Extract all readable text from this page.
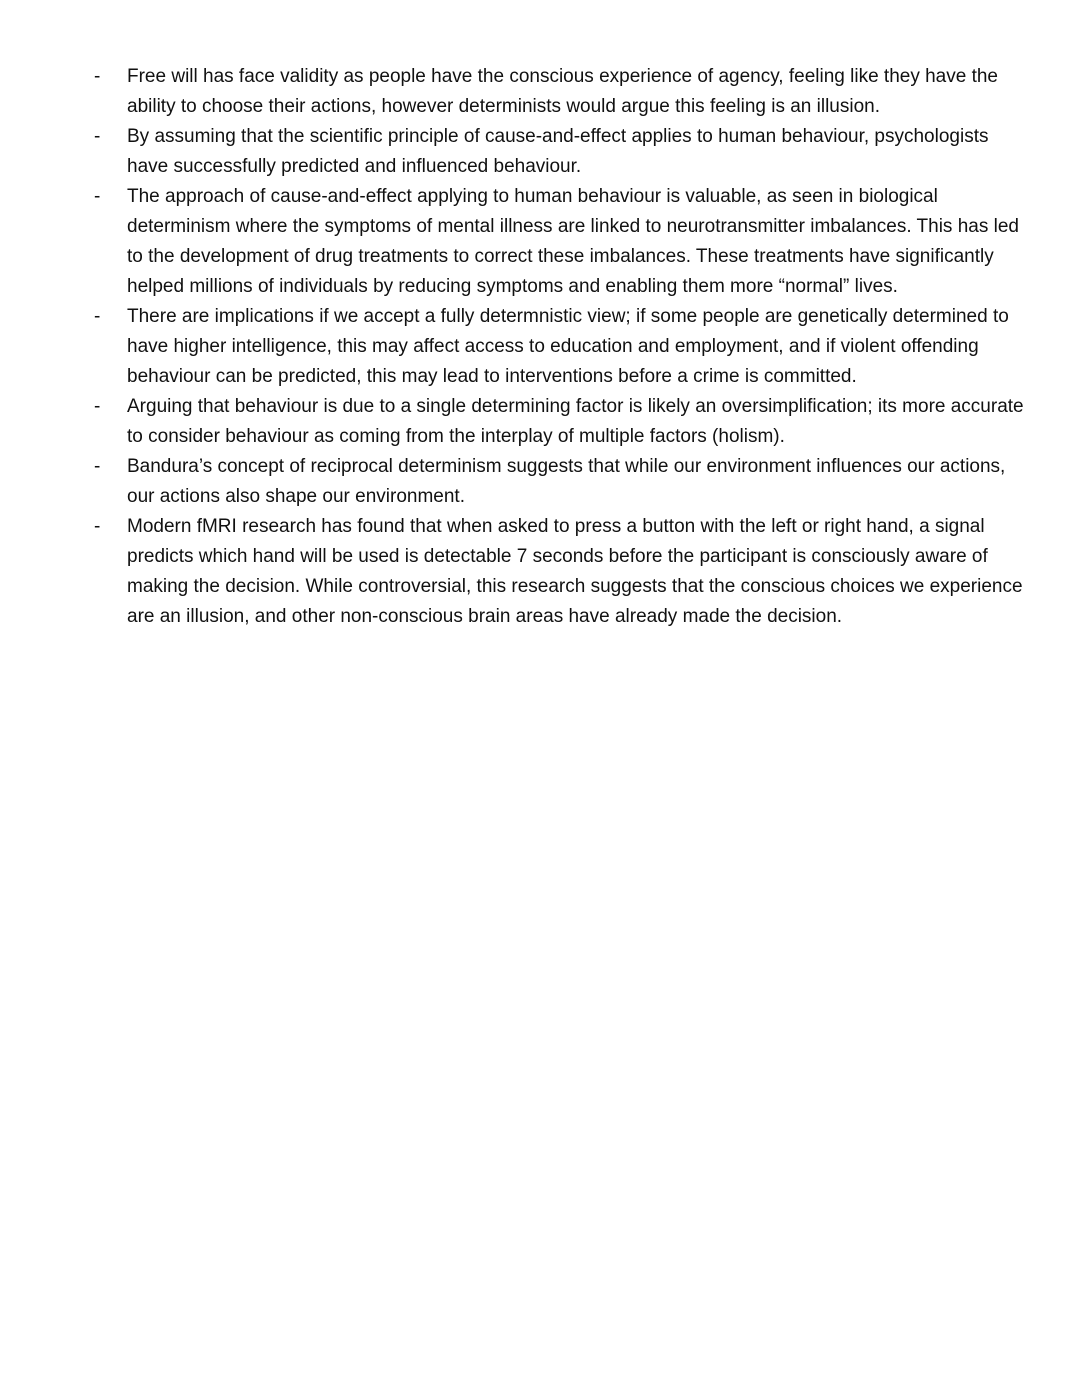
-	Free will has face validity as people have the conscious experience of agency, feeling like they have the ability to choose their actions, however determinists would argue this feeling is an illusion.
-	By assuming that the scientific principle of cause-and-effect applies to human behaviour, psychologists have successfully predicted and influenced behaviour.
-	The approach of cause-and-effect applying to human behaviour is valuable, as seen in biological determinism where the symptoms of mental illness are linked to neurotransmitter imbalances. This has led to the development of drug treatments to correct these imbalances. These treatments have significantly helped millions of individuals by reducing symptoms and enabling them more “normal” lives.
-	There are implications if we accept a fully determnistic view; if some people are genetically determined to have higher intelligence, this may affect access to education and employment, and if violent offending behaviour can be predicted, this may lead to interventions before a crime is committed.
-	Arguing that behaviour is due to a single determining factor is likely an oversimplification; its more accurate to consider behaviour as coming from the interplay of multiple factors (holism).
-	Bandura’s concept of reciprocal determinism suggests that while our environment influences our actions, our actions also shape our environment.
-	Modern fMRI research has found that when asked to press a button with the left or right hand, a signal predicts which hand will be used is detectable 7 seconds before the participant is consciously aware of making the decision. While controversial, this research suggests that the conscious choices we experience are an illusion, and other non-conscious brain areas have already made the decision.
